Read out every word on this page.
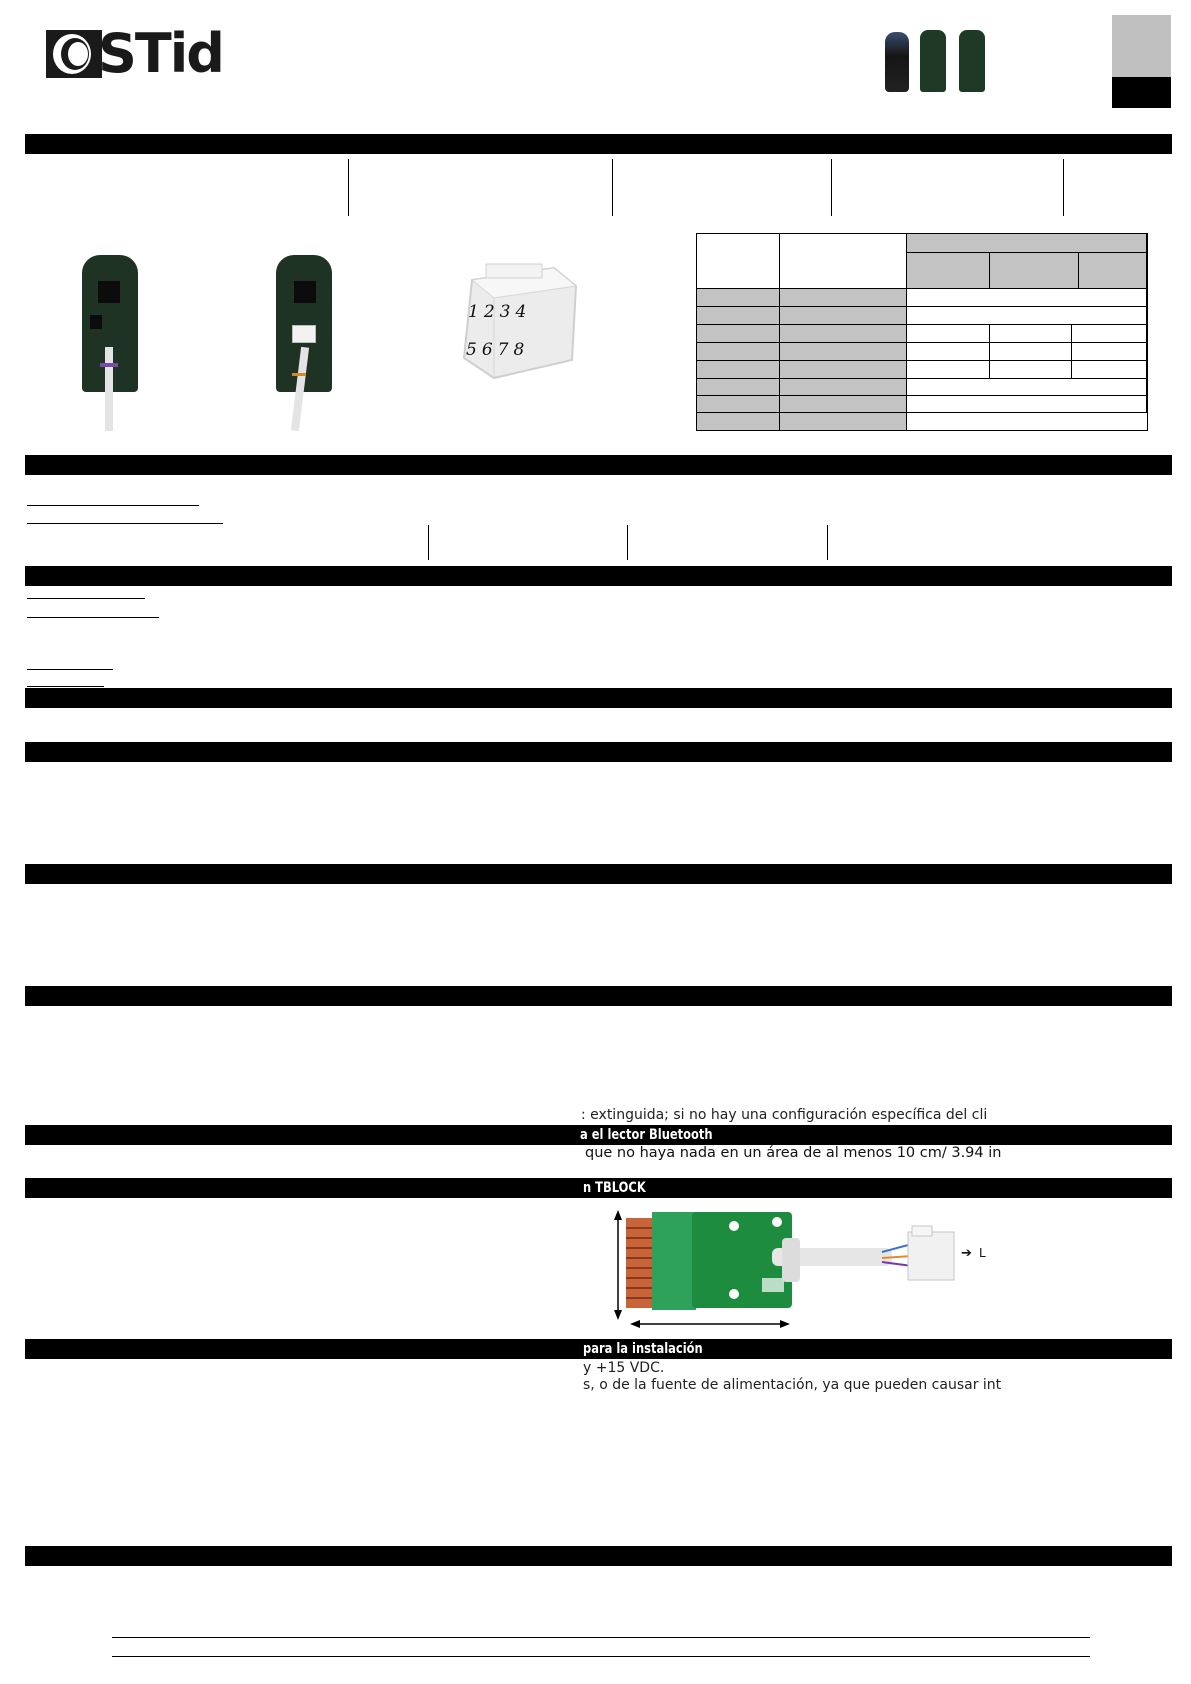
STid
1234
5678
: extinguida; si no hay una configuración específica del cli
a el lector Bluetooth
que no haya nada en un área de al menos 10 cm/ 3.94 in
n TBLOCK
➔ L
para la instalación
y +15 VDC.
s, o de la fuente de alimentación, ya que pueden causar int
